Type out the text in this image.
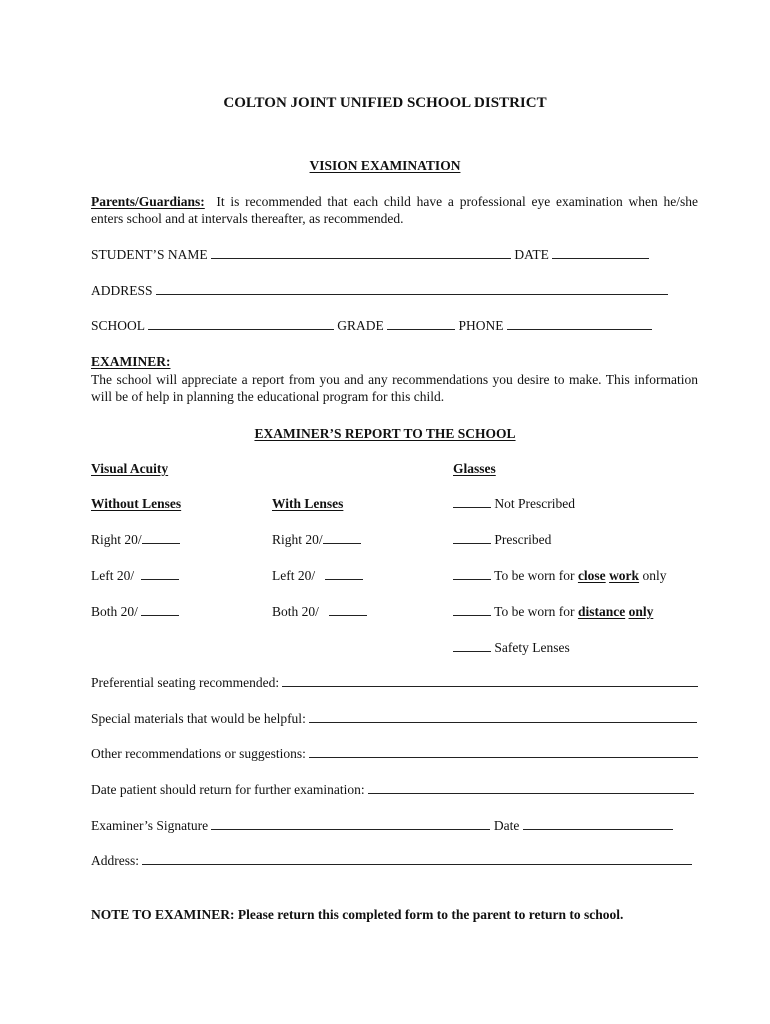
COLTON JOINT UNIFIED SCHOOL DISTRICT
VISION EXAMINATION
Parents/Guardians: It is recommended that each child have a professional eye examination when he/she enters school and at intervals thereafter, as recommended.
STUDENT’S NAME	DATE
ADDRESS
SCHOOL	GRADE	PHONE
EXAMINER:
The school will appreciate a report from you and any recommendations you desire to make. This information will be of help in planning the educational program for this child.
EXAMINER’S REPORT TO THE SCHOOL
Visual Acuity	Glasses
Without Lenses	With Lenses	Not Prescribed
Right 20/	Right 20/	Prescribed
Left 20/	Left 20/	To be worn for close work only
Both 20/	Both 20/	To be worn for distance only
Safety Lenses
Preferential seating recommended:
Special materials that would be helpful:
Other recommendations or suggestions:
Date patient should return for further examination:
Examiner’s Signature	Date
Address:
NOTE TO EXAMINER: Please return this completed form to the parent to return to school.
